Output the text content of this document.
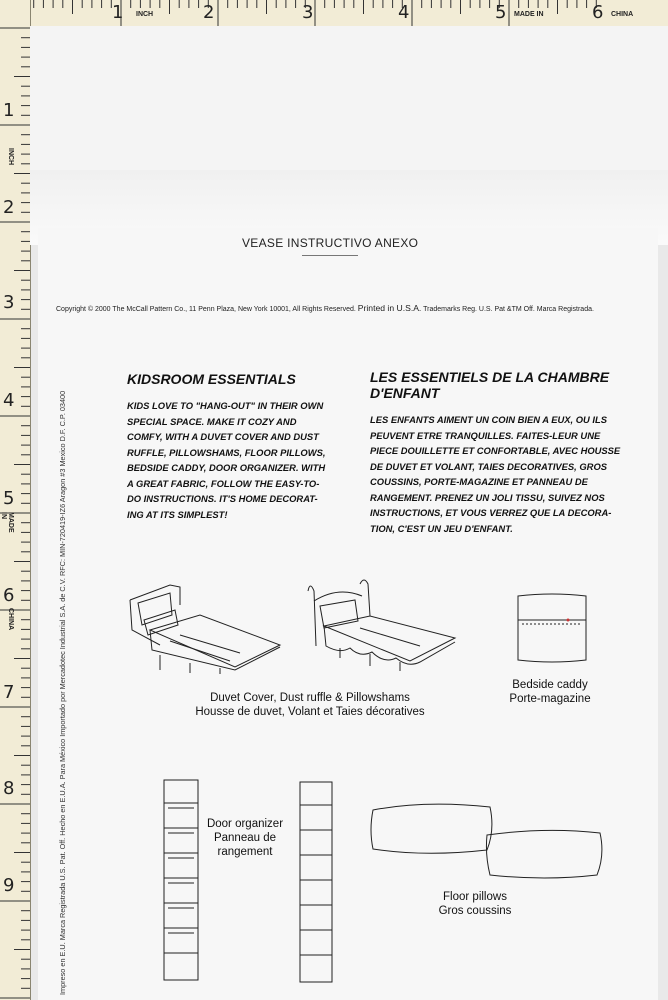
1	2	3	4	5	6
INCH	MADE IN	CHINA
1
2
3
4
5
6
7
8
9
INCH
MADE IN
CHINA
VEASE INSTRUCTIVO ANEXO
Copyright © 2000 The McCall Pattern Co., 11 Penn Plaza, New York 10001, All Rights Reserved. Printed in U.S.A. Trademarks Reg. U.S. Pat &TM Off. Marca Registrada.
Impreso en E.U. Marca Registrada U.S. Pat. Off. Hecho en E.U.A. Para México Importado por Mercadotec Industrial S.A. de C.V. RFC: MIN-720419-IZ6 Aragon #3 Mexico D.F. C.P. 03400
KIDSROOM ESSENTIALS
KIDS LOVE TO "HANG-OUT" IN THEIR OWN
SPECIAL SPACE. MAKE IT COZY AND
COMFY, WITH A DUVET COVER AND DUST
RUFFLE, PILLOWSHAMS, FLOOR PILLOWS,
BEDSIDE CADDY, DOOR ORGANIZER. WITH
A GREAT FABRIC, FOLLOW THE EASY-TO-
DO INSTRUCTIONS. IT'S HOME DECORAT-
ING AT ITS SIMPLEST!
LES ESSENTIELS DE LA CHAMBRE
D'ENFANT
LES ENFANTS AIMENT UN COIN BIEN A EUX, OU ILS
PEUVENT ETRE TRANQUILLES. FAITES-LEUR UNE
PIECE DOUILLETTE ET CONFORTABLE, AVEC HOUSSE
DE DUVET ET VOLANT, TAIES DECORATIVES, GROS
COUSSINS, PORTE-MAGAZINE ET PANNEAU DE
RANGEMENT. PRENEZ UN JOLI TISSU, SUIVEZ NOS
INSTRUCTIONS, ET VOUS VERREZ QUE LA DECORA-
TION, C'EST UN JEU D'ENFANT.
Duvet Cover, Dust ruffle & Pillowshams
Housse de duvet, Volant et Taies décoratives
Bedside caddy
Porte-magazine
Door organizer
Panneau de
rangement
Floor pillows
Gros coussins
